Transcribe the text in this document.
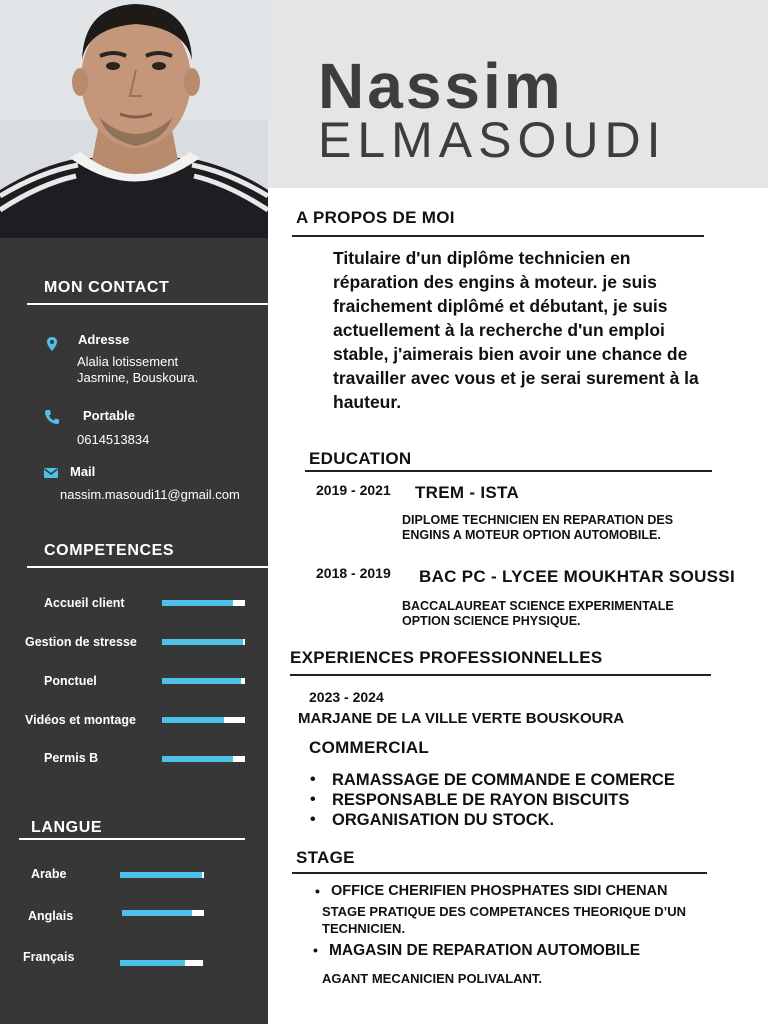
MON CONTACT
Adresse
Alalia lotissement
Jasmine, Bouskoura.
Portable
0614513834
Mail
nassim.masoudi11@gmail.com
COMPETENCES
Accueil client
Gestion de stresse
Ponctuel
Vidéos et montage
Permis B
LANGUE
Arabe
Anglais
Français
Nassim
ELMASOUDI
A PROPOS DE MOI
Titulaire d'un diplôme technicien en réparation des engins à moteur. je suis fraichement diplômé et débutant, je suis actuellement à la recherche d'un emploi stable, j'aimerais bien avoir une chance de travailler avec vous et je serai surement à la hauteur.
EDUCATION
2019 - 2021 TREM - ISTA
DIPLOME TECHNICIEN EN REPARATION DES ENGINS A MOTEUR OPTION AUTOMOBILE.
2018 - 2019 BAC PC - LYCEE MOUKHTAR SOUSSI
BACCALAUREAT SCIENCE EXPERIMENTALE OPTION SCIENCE PHYSIQUE.
EXPERIENCES PROFESSIONNELLES
2023 - 2024
MARJANE DE LA VILLE VERTE BOUSKOURA
COMMERCIAL
• RAMASSAGE DE COMMANDE E COMERCE
• RESPONSABLE DE RAYON BISCUITS
• ORGANISATION DU STOCK.
STAGE
• OFFICE CHERIFIEN PHOSPHATES SIDI CHENAN
STAGE PRATIQUE DES COMPETANCES THEORIQUE D’UN TECHNICIEN.
• MAGASIN DE REPARATION AUTOMOBILE
AGANT MECANICIEN POLIVALANT.
